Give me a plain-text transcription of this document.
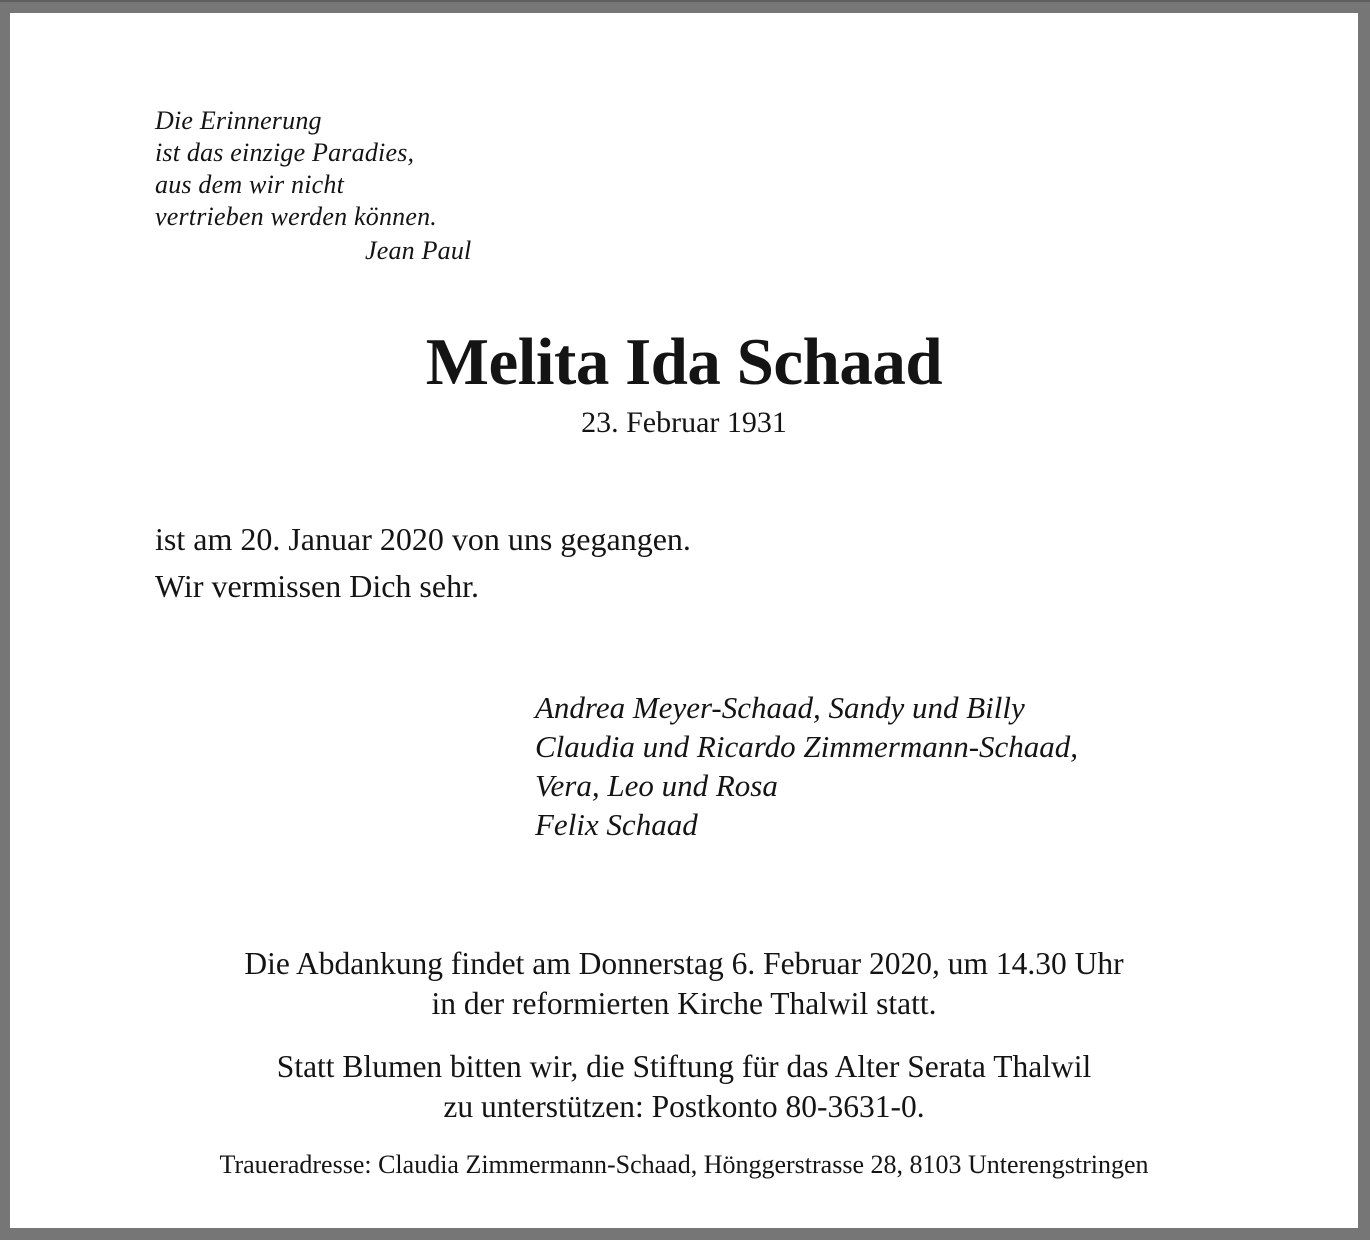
Die Erinnerung
ist das einzige Paradies,
aus dem wir nicht
vertrieben werden können.
Jean Paul
Melita Ida Schaad
23. Februar 1931
ist am 20. Januar 2020 von uns gegangen.
Wir vermissen Dich sehr.
Andrea Meyer-Schaad, Sandy und Billy
Claudia und Ricardo Zimmermann-Schaad,
Vera, Leo und Rosa
Felix Schaad
Die Abdankung findet am Donnerstag 6. Februar 2020, um 14.30 Uhr
in der reformierten Kirche Thalwil statt.
Statt Blumen bitten wir, die Stiftung für das Alter Serata Thalwil
zu unterstützen: Postkonto 80-3631-0.
Traueradresse: Claudia Zimmermann-Schaad, Hönggerstrasse 28, 8103 Unterengstringen
